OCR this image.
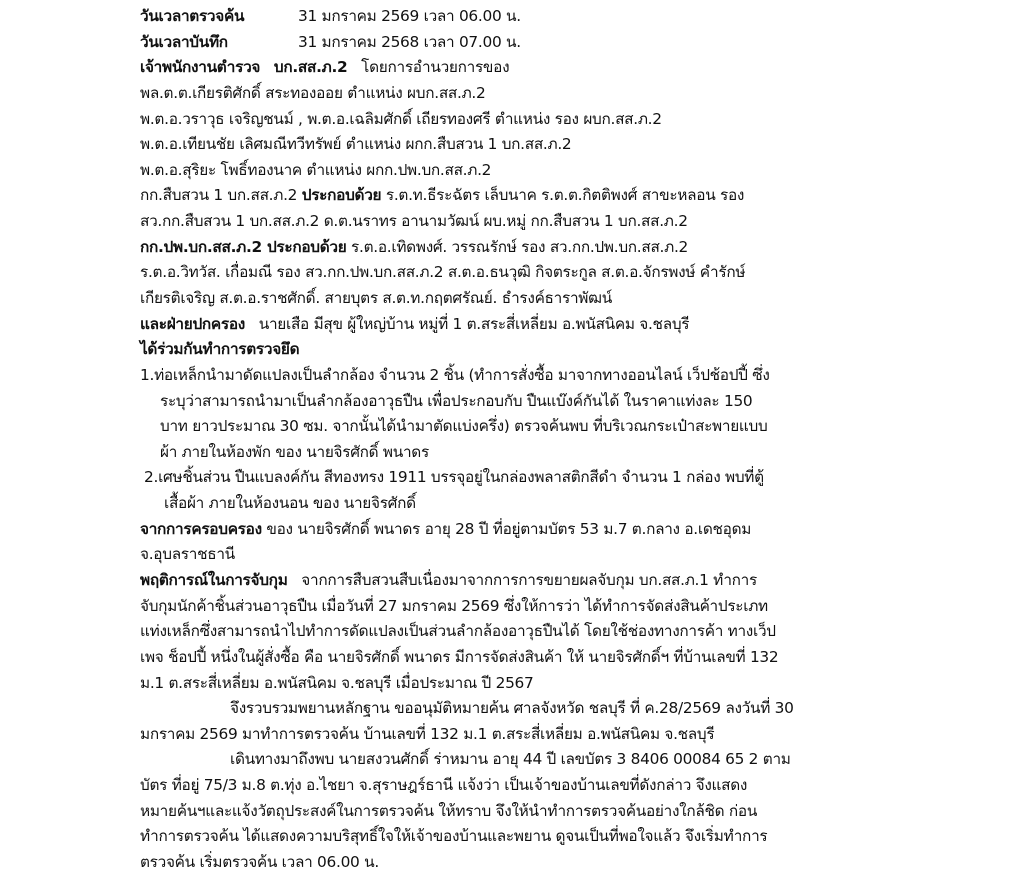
วันเวลาตรวจค้น	31 มกราคม 2569 เวลา 06.00 น.
วันเวลาบันทึก	31 มกราคม 2568 เวลา 07.00 น.
เจ้าพนักงานตำรวจ บก.สส.ภ.2 โดยการอำนวยการของ
พล.ต.ต.เกียรติศักดิ์ สระทองออย ตำแหน่ง ผบก.สส.ภ.2
พ.ต.อ.วราวุธ เจริญชนม์ , พ.ต.อ.เฉลิมศักดิ์ เถียรทองศรี ตำแหน่ง รอง ผบก.สส.ภ.2
พ.ต.อ.เทียนชัย เลิศมณีทวีทรัพย์ ตำแหน่ง ผกก.สืบสวน 1 บก.สส.ภ.2
พ.ต.อ.สุริยะ โพธิ์ทองนาค ตำแหน่ง ผกก.ปพ.บก.สส.ภ.2
กก.สืบสวน 1 บก.สส.ภ.2 ประกอบด้วย ร.ต.ท.ธีระฉัตร เล็บนาค ร.ต.ต.กิตติพงศ์ สาขะหลอน รอง
สว.กก.สืบสวน 1 บก.สส.ภ.2 ด.ต.นราทร อานามวัฒน์ ผบ.หมู่ กก.สืบสวน 1 บก.สส.ภ.2
กก.ปพ.บก.สส.ภ.2 ประกอบด้วย ร.ต.อ.เทิดพงศ์. วรรณรักษ์ รอง สว.กก.ปพ.บก.สส.ภ.2
ร.ต.อ.วิทวัส. เกื่อมณี รอง สว.กก.ปพ.บก.สส.ภ.2 ส.ต.อ.ธนวุฒิ กิจตระกูล ส.ต.อ.จักรพงษ์ คำรักษ์
เกียรติเจริญ ส.ต.อ.ราชศักดิ์. สายบุตร ส.ต.ท.กฤตศรัณย์. ธำรงค์ธาราพัฒน์
และฝ่ายปกครอง นายเสือ มีสุข ผู้ใหญ่บ้าน หมู่ที่ 1 ต.สระสี่เหลี่ยม อ.พนัสนิคม จ.ชลบุรี
ได้ร่วมกันทำการตรวจยึด
1.ท่อเหล็กนำมาดัดแปลงเป็นลำกล้อง จำนวน 2 ชิ้น (ทำการสั่งซื้อ มาจากทางออนไลน์ เว็ปช้อปปี้ ซึ่ง
ระบุว่าสามารถนำมาเป็นลำกล้องอาวุธปืน เพื่อประกอบกับ ปืนแบ๊งค์กันได้ ในราคาแท่งละ 150
บาท ยาวประมาณ 30 ซม. จากนั้นได้นำมาตัดแบ่งครึ่ง) ตรวจค้นพบ ที่บริเวณกระเป๋าสะพายแบบ
ผ้า ภายในห้องพัก ของ นายจิรศักดิ์ พนาดร
2.เศษชิ้นส่วน ปืนแบลงค์กัน สีทองทรง 1911 บรรจุอยู่ในกล่องพลาสติกสีดำ จำนวน 1 กล่อง พบที่ตู้
เสื้อผ้า ภายในห้องนอน ของ นายจิรศักดิ์
จากการครอบครอง ของ นายจิรศักดิ์ พนาดร อายุ 28 ปี ที่อยู่ตามบัตร 53 ม.7 ต.กลาง อ.เดชอุดม
จ.อุบลราชธานี
พฤติการณ์ในการจับกุม จากการสืบสวนสืบเนื่องมาจากการการขยายผลจับกุม บก.สส.ภ.1 ทำการ
จับกุมนักค้าชิ้นส่วนอาวุธปืน เมื่อวันที่ 27 มกราคม 2569 ซึ่งให้การว่า ได้ทำการจัดส่งสินค้าประเภท
แท่งเหล็กซึ่งสามารถนำไปทำการดัดแปลงเป็นส่วนลำกล้องอาวุธปืนได้ โดยใช้ช่องทางการค้า ทางเว็ป
เพจ ช็อปปี้ หนึ่งในผู้สั่งซื้อ คือ นายจิรศักดิ์ พนาดร มีการจัดส่งสินค้า ให้ นายจิรศักดิ์ฯ ที่บ้านเลขที่ 132
ม.1 ต.สระสี่เหลี่ยม อ.พนัสนิคม จ.ชลบุรี เมื่อประมาณ ปี 2567
จึงรวบรวมพยานหลักฐาน ขออนุมัติหมายค้น ศาลจังหวัด ชลบุรี ที่ ค.28/2569 ลงวันที่ 30
มกราคม 2569 มาทำการตรวจค้น บ้านเลขที่ 132 ม.1 ต.สระสี่เหลี่ยม อ.พนัสนิคม จ.ชลบุรี
เดินทางมาถึงพบ นายสงวนศักดิ์ ร่าหมาน อายุ 44 ปี เลขบัตร 3 8406 00084 65 2 ตาม
บัตร ที่อยู่ 75/3 ม.8 ต.ทุ่ง อ.ไชยา จ.สุราษฎร์ธานี แจ้งว่า เป็นเจ้าของบ้านเลขที่ดังกล่าว จึงแสดง
หมายค้นฯและแจ้งวัตถุประสงค์ในการตรวจค้น ให้ทราบ จึงให้นำทำการตรวจค้นอย่างใกล้ชิด ก่อน
ทำการตรวจค้น ได้แสดงความบริสุทธิ์ใจให้เจ้าของบ้านและพยาน ดูจนเป็นที่พอใจแล้ว จึงเริ่มทำการ
ตรวจค้น เริ่มตรวจค้น เวลา 06.00 น.
